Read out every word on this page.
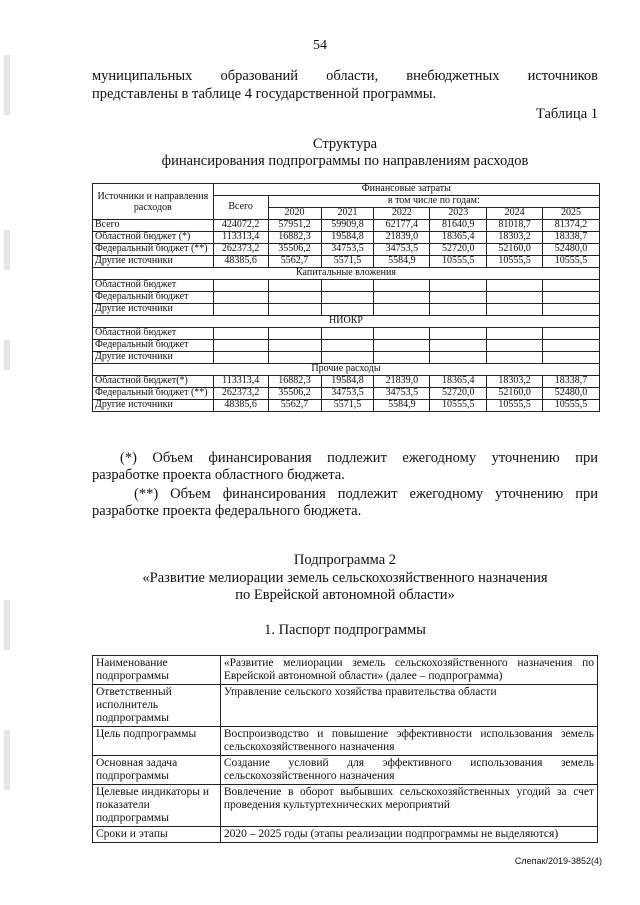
54
муниципальных образований области, внебюджетных источников
представлены в таблице 4 государственной программы.
Таблица 1
Структура
финансирования подпрограммы по направлениям расходов
Источники и направления расходов	Финансовые затраты						
	Всего	в том числе по годам:					
		2020	2021	2022	2023	2024	2025
Всего	424072,2	57951,2	59909,8	62177,4	81640,9	81018,7	81374,2
Областной бюджет (*)	113313,4	16882,3	19584,8	21839,0	18365,4	18303,2	18338,7
Федеральный бюджет (**)	262373,2	35506,2	34753,5	34753,5	52720,0	52160,0	52480,0
Другие источники	48385,6	5562,7	5571,5	5584,9	10555,5	10555,5	10555,5
Капитальные вложения							
Областной бюджет							
Федеральный бюджет							
Другие источники							
НИОКР							
Областной бюджет							
Федеральный бюджет							
Другие источники							
Прочие расходы							
Областной бюджет(*)	113313,4	16882,3	19584,8	21839,0	18365,4	18303,2	18338,7
Федеральный бюджет (**)	262373,2	35506,2	34753,5	34753,5	52720,0	52160,0	52480,0
Другие источники	48385,6	5562,7	5571,5	5584,9	10555,5	10555,5	10555,5
(*) Объем финансирования подлежит ежегодному уточнению при
разработке проекта областного бюджета.
(**) Объем финансирования подлежит ежегодному уточнению при
разработке проекта федерального бюджета.
Подпрограмма 2
«Развитие мелиорации земель сельскохозяйственного назначения
по Еврейской автономной области»
1. Паспорт подпрограммы
Наименование подпрограммы	«Развитие мелиорации земель сельскохозяйственного назначения по Еврейской автономной области» (далее – подпрограмма)
Ответственный исполнитель подпрограммы	Управление сельского хозяйства правительства области
Цель подпрограммы	Воспроизводство и повышение эффективности использования земель сельскохозяйственного назначения
Основная задача подпрограммы	Создание условий для эффективного использования земель сельскохозяйственного назначения
Целевые индикаторы и показатели подпрограммы	Вовлечение в оборот выбывших сельскохозяйственных угодий за счет проведения культуртехнических мероприятий
Сроки и этапы	2020 – 2025 годы (этапы реализации подпрограммы не выделяются)
Слепак/2019-3852(4)
